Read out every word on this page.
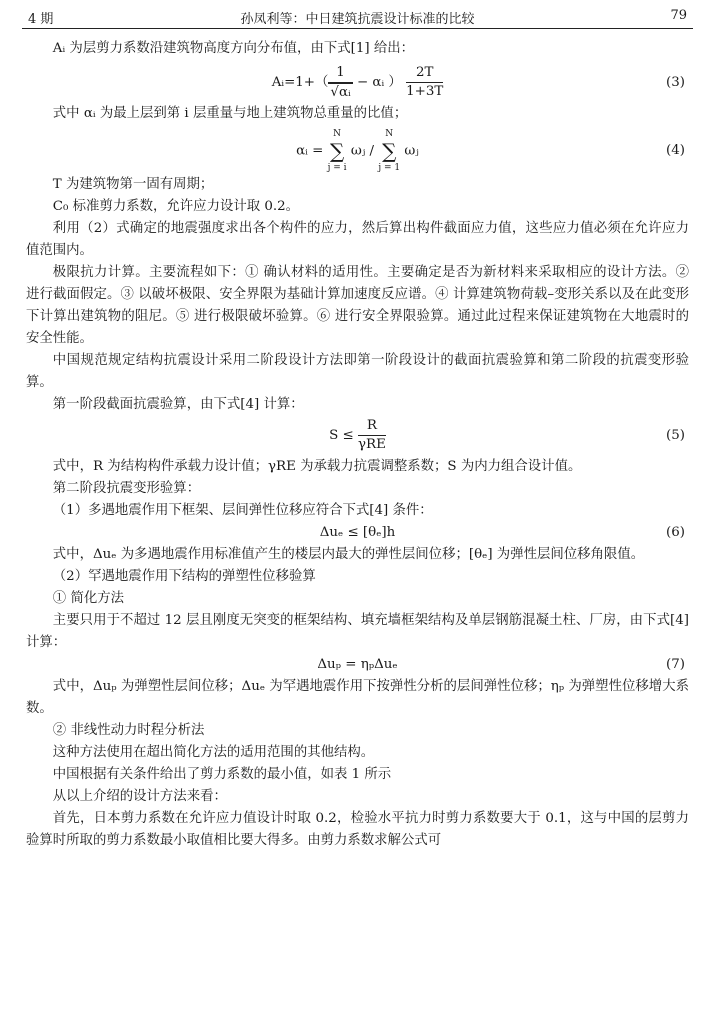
4 期	孙凤利等：中日建筑抗震设计标准的比较	79

Aᵢ 为层剪力系数沿建筑物高度方向分布值，由下式[1] 给出：

Aᵢ=1+（ $\frac{1}{\text{√αᵢ}}$ − αᵢ ） $\frac{2T}{1+3T}$	(3)

式中 αᵢ 为最上层到第 i 层重量与地上建筑物总重量的比值；

αᵢ =
N
∑
j = i
ωⱼ /
N
∑
j = 1
ωⱼ	(4)

T 为建筑物第一固有周期；

C₀ 标准剪力系数，允许应力设计取 0.2。

利用（2）式确定的地震强度求出各个构件的应力，然后算出构件截面应力值，这些应力值必须在允许应力值范围内。

极限抗力计算。主要流程如下：① 确认材料的适用性。主要确定是否为新材料来采取相应的设计方法。② 进行截面假定。③ 以破坏极限、安全界限为基础计算加速度反应谱。④ 计算建筑物荷载–变形关系以及在此变形下计算出建筑物的阻尼。⑤ 进行极限破坏验算。⑥ 进行安全界限验算。通过此过程来保证建筑物在大地震时的安全性能。

中国规范规定结构抗震设计采用二阶段设计方法即第一阶段设计的截面抗震验算和第二阶段的抗震变形验算。

第一阶段截面抗震验算，由下式[4] 计算：

$S \le \frac{R}{\text{γRE}}$	(5)

式中，R 为结构构件承载力设计值；γRE 为承载力抗震调整系数；S 为内力组合设计值。

第二阶段抗震变形验算：

（1）多遇地震作用下框架、层间弹性位移应符合下式[4] 条件：

Δuₑ ≤ [θₑ]h	(6)

式中，Δuₑ 为多遇地震作用标准值产生的楼层内最大的弹性层间位移；[θₑ] 为弹性层间位移角限值。

（2）罕遇地震作用下结构的弹塑性位移验算

① 简化方法

主要只用于不超过 12 层且刚度无突变的框架结构、填充墙框架结构及单层钢筋混凝土柱、厂房，由下式[4] 计算：

Δuₚ = ηₚΔuₑ	(7)

式中，Δuₚ 为弹塑性层间位移；Δuₑ 为罕遇地震作用下按弹性分析的层间弹性位移；ηₚ 为弹塑性位移增大系数。

② 非线性动力时程分析法

这种方法使用在超出简化方法的适用范围的其他结构。

中国根据有关条件给出了剪力系数的最小值，如表 1 所示

从以上介绍的设计方法来看：

首先，日本剪力系数在允许应力值设计时取 0.2，检验水平抗力时剪力系数要大于 0.1，这与中国的层剪力验算时所取的剪力系数最小取值相比要大得多。由剪力系数求解公式可
